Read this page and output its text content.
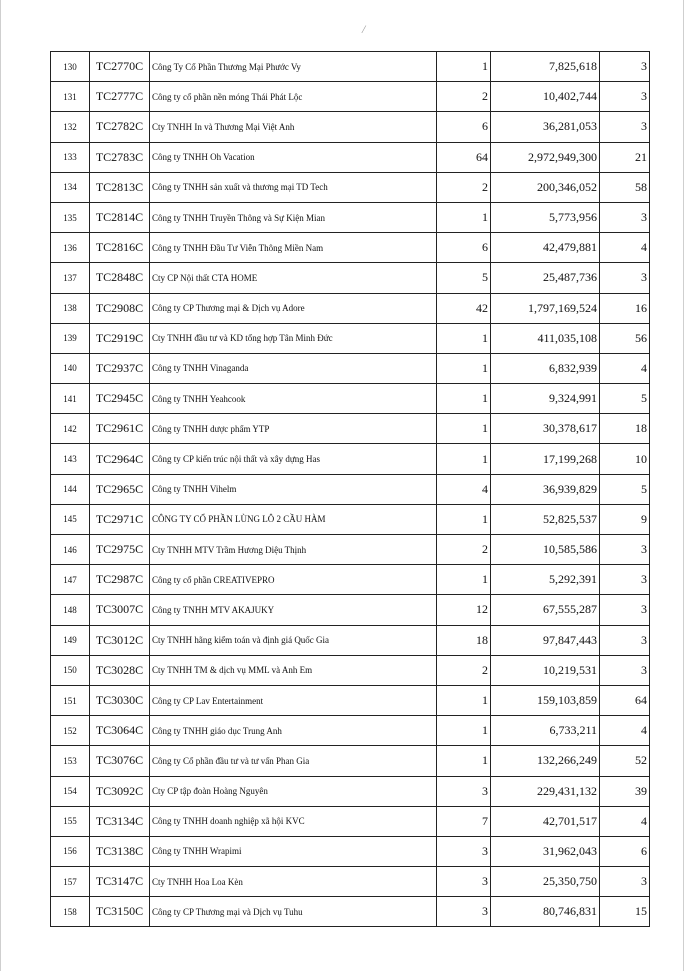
/
130	TC2770C	Công Ty Cổ Phần Thương Mại Phước Vy	1	7,825,618	3
131	TC2777C	Công ty cổ phần nền móng Thái Phát Lộc	2	10,402,744	3
132	TC2782C	Cty TNHH In và Thương Mại Việt Anh	6	36,281,053	3
133	TC2783C	Công ty TNHH Oh Vacation	64	2,972,949,300	21
134	TC2813C	Công ty TNHH sản xuất và thương mại TD Tech	2	200,346,052	58
135	TC2814C	Công ty TNHH Truyền Thông và Sự Kiện Mian	1	5,773,956	3
136	TC2816C	Công ty TNHH Đầu Tư Viễn Thông Miền Nam	6	42,479,881	4
137	TC2848C	Cty CP Nội thất CTA HOME	5	25,487,736	3
138	TC2908C	Công ty CP Thương mại & Dịch vụ Adore	42	1,797,169,524	16
139	TC2919C	Cty TNHH đầu tư và KD tổng hợp Tân Minh Đức	1	411,035,108	56
140	TC2937C	Công ty TNHH Vinaganda	1	6,832,939	4
141	TC2945C	Công ty TNHH Yeahcook	1	9,324,991	5
142	TC2961C	Công ty TNHH dược phẩm YTP	1	30,378,617	18
143	TC2964C	Công ty CP kiến trúc nội thất và xây dựng Has	1	17,199,268	10
144	TC2965C	Công ty TNHH Vihelm	4	36,939,829	5
145	TC2971C	CÔNG TY CỔ PHẦN LÙNG LÔ 2 CẦU HÀM	1	52,825,537	9
146	TC2975C	Cty TNHH MTV Trầm Hương Diệu Thịnh	2	10,585,586	3
147	TC2987C	Công ty cổ phần CREATIVEPRO	1	5,292,391	3
148	TC3007C	Công ty TNHH MTV AKAJUKY	12	67,555,287	3
149	TC3012C	Cty TNHH hãng kiểm toán và định giá Quốc Gia	18	97,847,443	3
150	TC3028C	Cty TNHH TM & dịch vụ MML và Anh Em	2	10,219,531	3
151	TC3030C	Công ty CP Lav Entertainment	1	159,103,859	64
152	TC3064C	Công ty TNHH giáo dục Trung Anh	1	6,733,211	4
153	TC3076C	Công ty Cổ phần đầu tư và tư vấn Phan Gia	1	132,266,249	52
154	TC3092C	Cty CP tập đoàn Hoàng Nguyên	3	229,431,132	39
155	TC3134C	Công ty TNHH doanh nghiệp xã hội KVC	7	42,701,517	4
156	TC3138C	Công ty TNHH Wrapimi	3	31,962,043	6
157	TC3147C	Cty TNHH Hoa Loa Kèn	3	25,350,750	3
158	TC3150C	Công ty CP Thương mại và Dịch vụ Tuhu	3	80,746,831	15
